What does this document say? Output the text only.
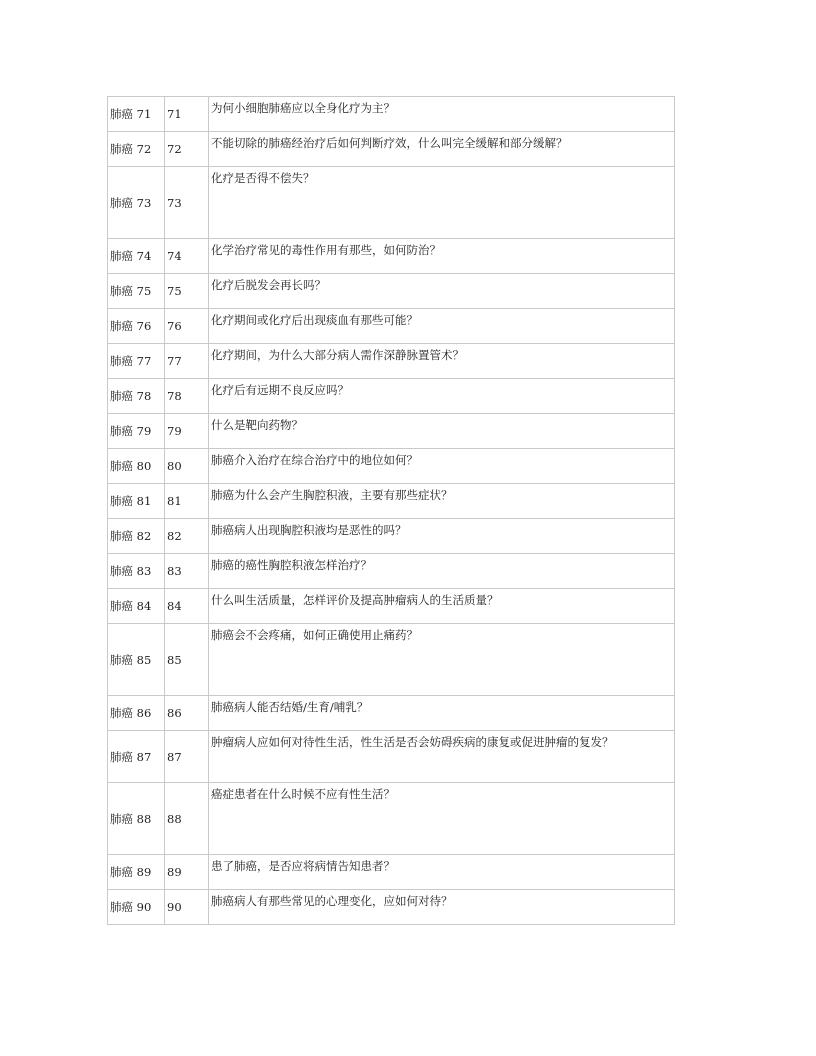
肺癌 71	71	为何小细胞肺癌应以全身化疗为主？
肺癌 72	72	不能切除的肺癌经治疗后如何判断疗效，什么叫完全缓解和部分缓解？
肺癌 73	73	化疗是否得不偿失？
肺癌 74	74	化学治疗常见的毒性作用有那些，如何防治？
肺癌 75	75	化疗后脱发会再长吗？
肺癌 76	76	化疗期间或化疗后出现痰血有那些可能？
肺癌 77	77	化疗期间，为什么大部分病人需作深静脉置管术？
肺癌 78	78	化疗后有远期不良反应吗？
肺癌 79	79	什么是靶向药物？
肺癌 80	80	肺癌介入治疗在综合治疗中的地位如何？
肺癌 81	81	肺癌为什么会产生胸腔积液，主要有那些症状？
肺癌 82	82	肺癌病人出现胸腔积液均是恶性的吗？
肺癌 83	83	肺癌的癌性胸腔积液怎样治疗？
肺癌 84	84	什么叫生活质量，怎样评价及提高肿瘤病人的生活质量？
肺癌 85	85	肺癌会不会疼痛，如何正确使用止痛药？
肺癌 86	86	肺癌病人能否结婚/生育/哺乳？
肺癌 87	87	肿瘤病人应如何对待性生活，性生活是否会妨碍疾病的康复或促进肿瘤的复发？
肺癌 88	88	癌症患者在什么时候不应有性生活？
肺癌 89	89	患了肺癌，是否应将病情告知患者？
肺癌 90	90	肺癌病人有那些常见的心理变化，应如何对待？
